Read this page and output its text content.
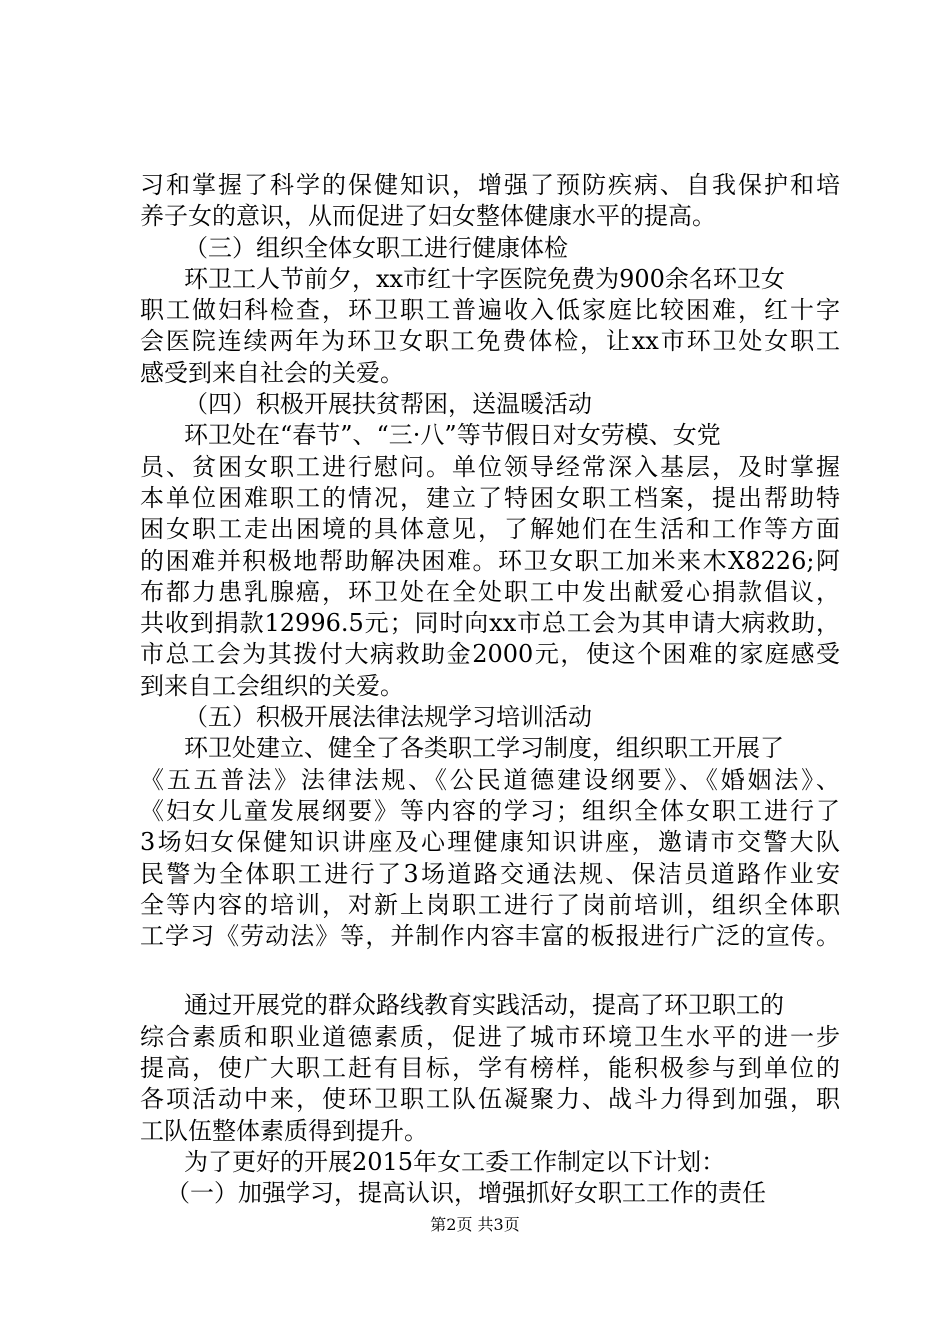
习和掌握了科学的保健知识，增强了预防疾病、自我保护和培
养子女的意识，从而促进了妇女整体健康水平的提高。
（三）组织全体女职工进行健康体检
环卫工人节前夕，xx市红十字医院免费为900余名环卫女
职工做妇科检查，环卫职工普遍收入低家庭比较困难，红十字
会医院连续两年为环卫女职工免费体检，让xx市环卫处女职工
感受到来自社会的关爱。
（四）积极开展扶贫帮困，送温暖活动
环卫处在“春节”、“三·八”等节假日对女劳模、女党
员、贫困女职工进行慰问。单位领导经常深入基层，及时掌握
本单位困难职工的情况，建立了特困女职工档案，提出帮助特
困女职工走出困境的具体意见，了解她们在生活和工作等方面
的困难并积极地帮助解决困难。环卫女职工加米来木X8226;阿
布都力患乳腺癌，环卫处在全处职工中发出献爱心捐款倡议，
共收到捐款12996.5元；同时向xx市总工会为其申请大病救助，
市总工会为其拨付大病救助金2000元，使这个困难的家庭感受
到来自工会组织的关爱。
（五）积极开展法律法规学习培训活动
环卫处建立、健全了各类职工学习制度，组织职工开展了
《五五普法》法律法规、《公民道德建设纲要》、《婚姻法》、
《妇女儿童发展纲要》等内容的学习；组织全体女职工进行了
3场妇女保健知识讲座及心理健康知识讲座，邀请市交警大队
民警为全体职工进行了3场道路交通法规、保洁员道路作业安
全等内容的培训，对新上岗职工进行了岗前培训，组织全体职
工学习《劳动法》等，并制作内容丰富的板报进行广泛的宣传。
通过开展党的群众路线教育实践活动，提高了环卫职工的
综合素质和职业道德素质，促进了城市环境卫生水平的进一步
提高，使广大职工赶有目标，学有榜样，能积极参与到单位的
各项活动中来，使环卫职工队伍凝聚力、战斗力得到加强，职
工队伍整体素质得到提升。
为了更好的开展2015年女工委工作制定以下计划：
（一）加强学习，提高认识，增强抓好女职工工作的责任
第2页 共3页
